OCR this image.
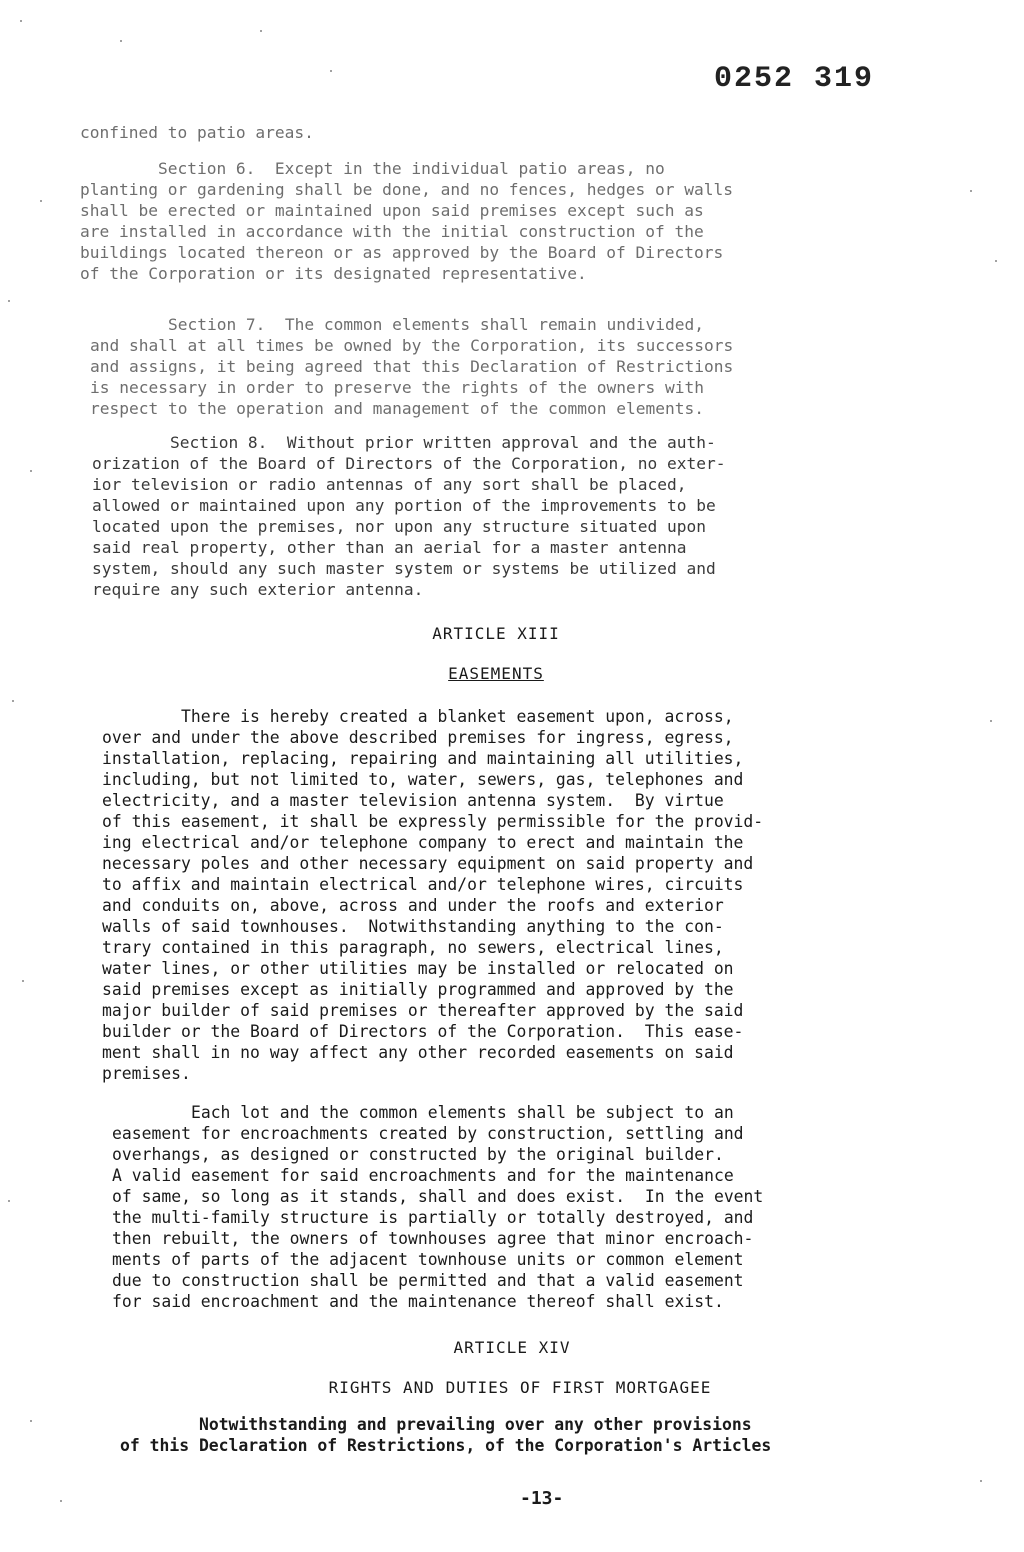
0252 319

confined to patio areas.

Section 6.  Except in the individual patio areas, no
planting or gardening shall be done, and no fences, hedges or walls
shall be erected or maintained upon said premises except such as
are installed in accordance with the initial construction of the
buildings located thereon or as approved by the Board of Directors
of the Corporation or its designated representative.

Section 7.  The common elements shall remain undivided,
and shall at all times be owned by the Corporation, its successors
and assigns, it being agreed that this Declaration of Restrictions
is necessary in order to preserve the rights of the owners with
respect to the operation and management of the common elements.

Section 8.  Without prior written approval and the auth-
orization of the Board of Directors of the Corporation, no exter-
ior television or radio antennas of any sort shall be placed,
allowed or maintained upon any portion of the improvements to be
located upon the premises, nor upon any structure situated upon
said real property, other than an aerial for a master antenna
system, should any such master system or systems be utilized and
require any such exterior antenna.

ARTICLE XIII

EASEMENTS

There is hereby created a blanket easement upon, across,
over and under the above described premises for ingress, egress,
installation, replacing, repairing and maintaining all utilities,
including, but not limited to, water, sewers, gas, telephones and
electricity, and a master television antenna system.  By virtue
of this easement, it shall be expressly permissible for the provid-
ing electrical and/or telephone company to erect and maintain the
necessary poles and other necessary equipment on said property and
to affix and maintain electrical and/or telephone wires, circuits
and conduits on, above, across and under the roofs and exterior
walls of said townhouses.  Notwithstanding anything to the con-
trary contained in this paragraph, no sewers, electrical lines,
water lines, or other utilities may be installed or relocated on
said premises except as initially programmed and approved by the
major builder of said premises or thereafter approved by the said
builder or the Board of Directors of the Corporation.  This ease-
ment shall in no way affect any other recorded easements on said
premises.

Each lot and the common elements shall be subject to an
easement for encroachments created by construction, settling and
overhangs, as designed or constructed by the original builder.
A valid easement for said encroachments and for the maintenance
of same, so long as it stands, shall and does exist.  In the event
the multi-family structure is partially or totally destroyed, and
then rebuilt, the owners of townhouses agree that minor encroach-
ments of parts of the adjacent townhouse units or common element
due to construction shall be permitted and that a valid easement
for said encroachment and the maintenance thereof shall exist.

ARTICLE XIV

RIGHTS AND DUTIES OF FIRST MORTGAGEE

Notwithstanding and prevailing over any other provisions
of this Declaration of Restrictions, of the Corporation's Articles

-13-
